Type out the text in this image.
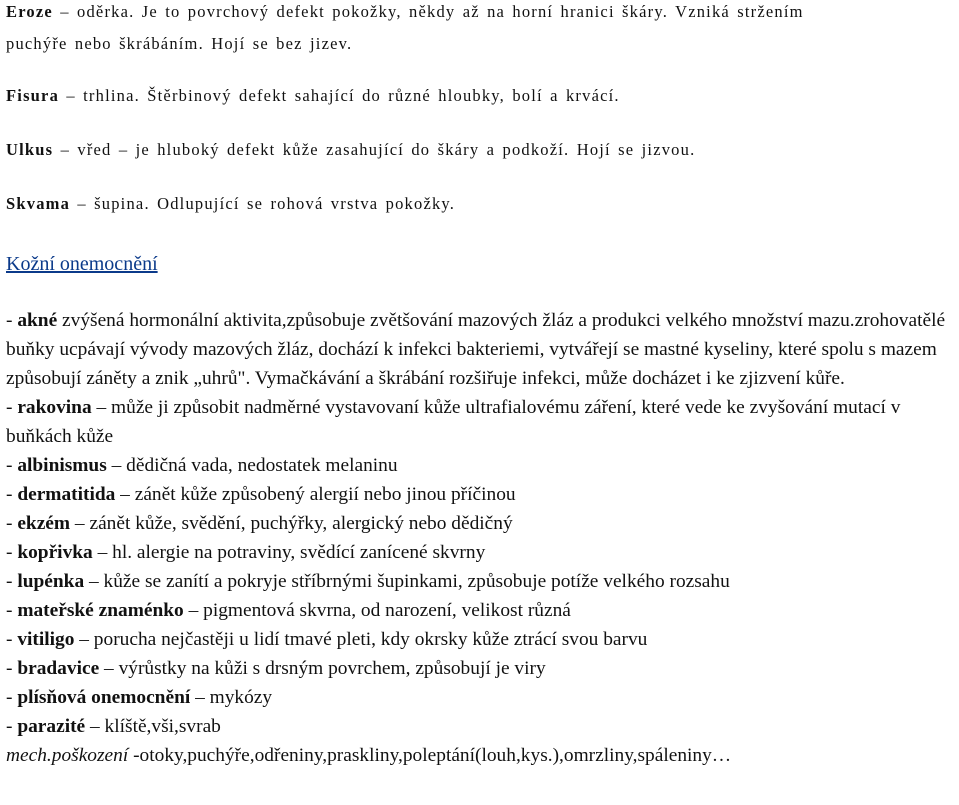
Eroze – oděrka. Je to povrchový defekt pokožky, někdy až na horní hranici škáry. Vzniká stržením
puchýře nebo škrábáním. Hojí se bez jizev.
Fisura – trhlina. Štěrbinový defekt sahající do různé hloubky, bolí a krvácí.
Ulkus – vřed – je hluboký defekt kůže zasahující do škáry a podkoží. Hojí se jizvou.
Skvama – šupina. Odlupující se rohová vrstva pokožky.
Kožní onemocnění
- akné zvýšená hormonální aktivita,způsobuje zvětšování mazových žláz a produkci velkého množství mazu.zrohovatělé buňky ucpávají vývody mazových žláz, dochází k infekci bakteriemi, vytvářejí se mastné kyseliny, které spolu s mazem způsobují záněty a znik „uhrů". Vymačkávání a škrábání rozšiřuje infekci, může docházet i ke zjizvení kůře.
- rakovina – může ji způsobit nadměrné vystavovaní kůže ultrafialovému záření, které vede ke zvyšování mutací v buňkách kůže
- albinismus – dědičná vada, nedostatek melaninu
- dermatitida – zánět kůže způsobený alergií nebo jinou příčinou
- ekzém – zánět kůže, svědění, puchýřky, alergický nebo dědičný
- kopřivka – hl. alergie na potraviny, svědící zanícené skvrny
- lupénka – kůže se zanítí a pokryje stříbrnými šupinkami, způsobuje potíže velkého rozsahu
- mateřské znaménko – pigmentová skvrna, od narození, velikost různá
- vitiligo – porucha nejčastěji u lidí tmavé pleti, kdy okrsky kůže ztrácí svou barvu
- bradavice – výrůstky na kůži s drsným povrchem, způsobují je viry
- plísňová onemocnění – mykózy
- parazité – klíště,vši,svrab
mech.poškození -otoky,puchýře,odřeniny,praskliny,poleptání(louh,kys.),omrzliny,spáleniny…
